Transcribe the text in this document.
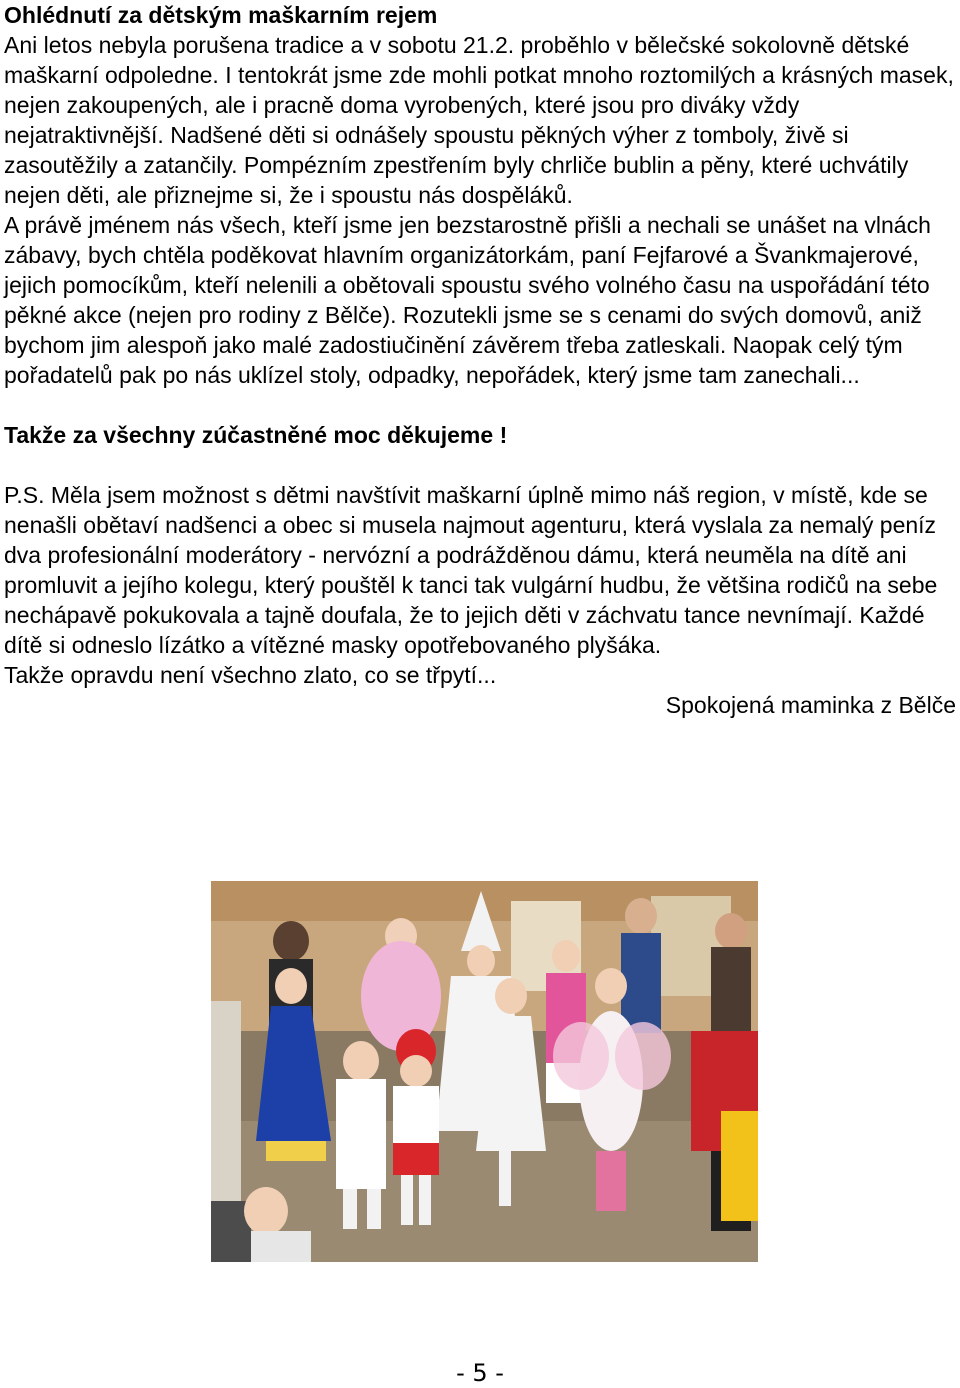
Ohlédnutí za dětským maškarním rejem

Ani letos nebyla porušena tradice a v sobotu 21.2. proběhlo v bělečské sokolovně dětské maškarní odpoledne. I tentokrát jsme zde mohli potkat mnoho roztomilých a krásných masek, nejen zakoupených, ale i pracně doma vyrobených, které jsou pro diváky vždy nejatraktivnější. Nadšené děti si odnášely spoustu pěkných výher z tomboly, živě si zasoutěžily a zatančily. Pompézním zpestřením byly chrliče bublin a pěny, které uchvátily nejen děti, ale přiznejme si, že i spoustu nás dospěláků.

A právě jménem nás všech, kteří jsme jen bezstarostně přišli a nechali se unášet na vlnách zábavy, bych chtěla poděkovat hlavním organizátorkám, paní Fejfarové a Švankmajerové, jejich pomocíkům, kteří nelenili a obětovali spoustu svého volného času na uspořádání této pěkné akce (nejen pro rodiny z Bělče). Rozutekli jsme se s cenami do svých domovů, aniž bychom jim alespoň jako malé zadostiučinění závěrem třeba zatleskali. Naopak celý tým pořadatelů pak po nás uklízel stoly, odpadky, nepořádek, který jsme tam zanechali...

Takže za všechny zúčastněné moc děkujeme !

P.S. Měla jsem možnost s dětmi navštívit maškarní úplně mimo náš region, v místě, kde se nenašli obětaví nadšenci a obec si musela najmout agenturu, která vyslala za nemalý peníz dva profesionální moderátory - nervózní a podrážděnou dámu, která neuměla na dítě ani promluvit a jejího kolegu, který pouštěl k tanci tak vulgární hudbu, že většina rodičů na sebe nechápavě pokukovala a tajně doufala, že to jejich děti v záchvatu tance nevnímají. Každé dítě si odneslo lízátko a vítězné masky opotřebovaného plyšáka.

Takže opravdu není všechno zlato, co se třpytí...

Spokojená maminka z Bělče

- 5 -
